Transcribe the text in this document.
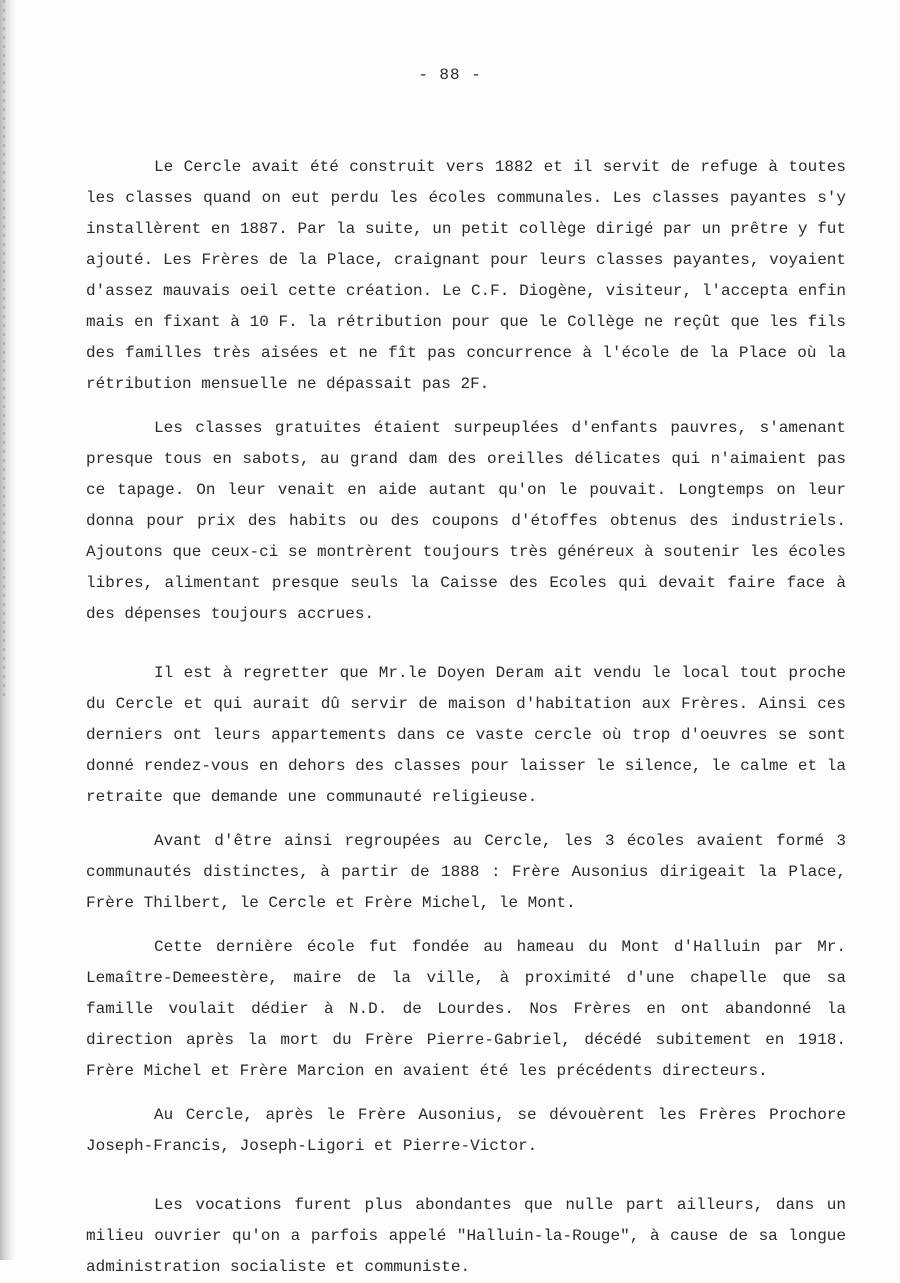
- 88 -

Le Cercle avait été construit vers 1882 et il servit de refuge à toutes les classes quand on eut perdu les écoles communales. Les classes payantes s'y installèrent en 1887. Par la suite, un petit collège dirigé par un prêtre y fut ajouté. Les Frères de la Place, craignant pour leurs classes payantes, voyaient d'assez mauvais oeil cette création. Le C.F. Diogène, visiteur, l'accepta enfin mais en fixant à 10 F. la rétribution pour que le Collège ne reçût que les fils des familles très aisées et ne fît pas concurrence à l'école de la Place où la rétribution mensuelle ne dépassait pas 2F.

Les classes gratuites étaient surpeuplées d'enfants pauvres, s'amenant presque tous en sabots, au grand dam des oreilles délicates qui n'aimaient pas ce tapage. On leur venait en aide autant qu'on le pouvait. Longtemps on leur donna pour prix des habits ou des coupons d'étoffes obtenus des industriels. Ajoutons que ceux-ci se montrèrent toujours très généreux à soutenir les écoles libres, alimentant presque seuls la Caisse des Ecoles qui devait faire face à des dépenses toujours accrues.

Il est à regretter que Mr.le Doyen Deram ait vendu le local tout proche du Cercle et qui aurait dû servir de maison d'habitation aux Frères. Ainsi ces derniers ont leurs appartements dans ce vaste cercle où trop d'oeuvres se sont donné rendez-vous en dehors des classes pour laisser le silence, le calme et la retraite que demande une communauté religieuse.

Avant d'être ainsi regroupées au Cercle, les 3 écoles avaient formé 3 communautés distinctes, à partir de 1888 : Frère Ausonius dirigeait la Place, Frère Thilbert, le Cercle et Frère Michel, le Mont.

Cette dernière école fut fondée au hameau du Mont d'Halluin par Mr. Lemaître-Demeestère, maire de la ville, à proximité d'une chapelle que sa famille voulait dédier à N.D. de Lourdes. Nos Frères en ont abandonné la direction après la mort du Frère Pierre-Gabriel, décédé subitement en 1918. Frère Michel et Frère Marcion en avaient été les précédents directeurs.

Au Cercle, après le Frère Ausonius, se dévouèrent les Frères Prochore Joseph-Francis, Joseph-Ligori et Pierre-Victor.

Les vocations furent plus abondantes que nulle part ailleurs, dans un milieu ouvrier qu'on a parfois appelé "Halluin-la-Rouge", à cause de sa longue administration socialiste et communiste.
